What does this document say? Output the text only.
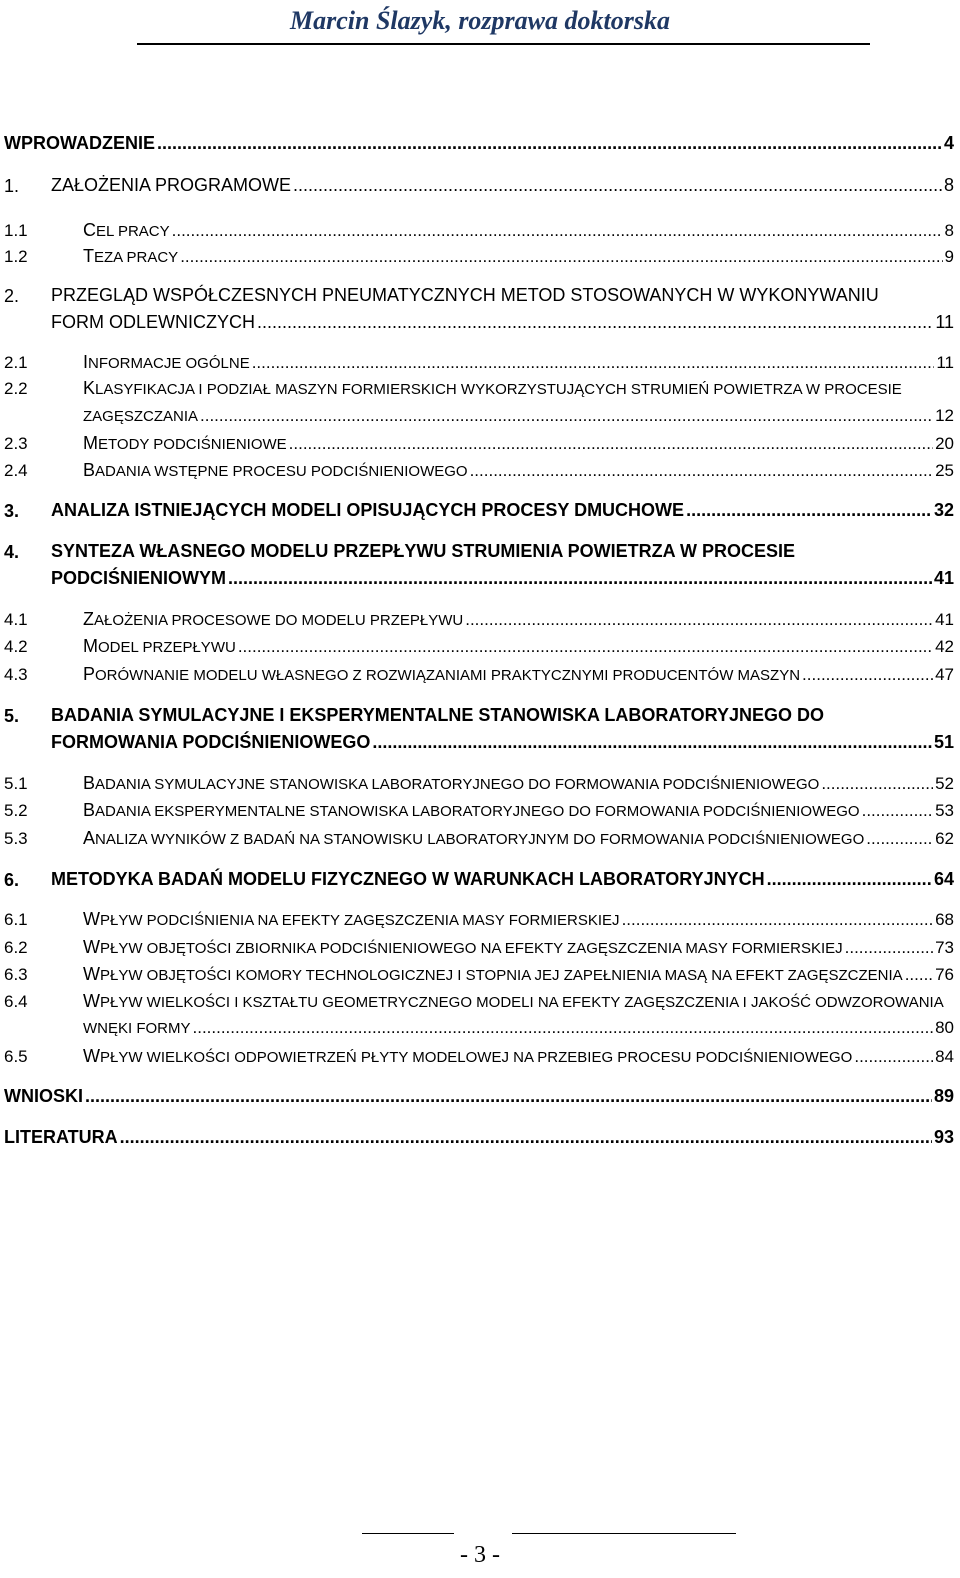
Marcin Ślazyk, rozprawa doktorska
WPROWADZENIE .....	4
1. ZAŁOŻENIA PROGRAMOWE .....	8
1.1	CEL PRACY .....	8
1.2	TEZA PRACY .....	9
2. PRZEGLĄD WSPÓŁCZESNYCH PNEUMATYCZNYCH METOD STOSOWANYCH W WYKONYWANIU
FORM ODLEWNICZYCH .....	11
2.1	INFORMACJE OGÓLNE .....	11
2.2	KLASYFIKACJA I PODZIAŁ MASZYN FORMIERSKICH WYKORZYSTUJĄCYCH STRUMIEŃ POWIETRZA W PROCESIE
ZAGĘSZCZANIA .....	12
2.3	METODY PODCIŚNIENIOWE .....	20
2.4	BADANIA WSTĘPNE PROCESU PODCIŚNIENIOWEGO .....	25
3. ANALIZA ISTNIEJĄCYCH MODELI OPISUJĄCYCH PROCESY DMUCHOWE .....	32
4. SYNTEZA WŁASNEGO MODELU PRZEPŁYWU STRUMIENIA POWIETRZA W PROCESIE
PODCIŚNIENIOWYM .....	41
4.1	ZAŁOŻENIA PROCESOWE DO MODELU PRZEPŁYWU .....	41
4.2	MODEL PRZEPŁYWU .....	42
4.3	PORÓWNANIE MODELU WŁASNEGO Z ROZWIĄZANIAMI PRAKTYCZNYMI PRODUCENTÓW MASZYN .....	47
5. BADANIA SYMULACYJNE I EKSPERYMENTALNE STANOWISKA LABORATORYJNEGO DO
FORMOWANIA PODCIŚNIENIOWEGO .....	51
5.1	BADANIA SYMULACYJNE STANOWISKA LABORATORYJNEGO DO FORMOWANIA PODCIŚNIENIOWEGO .....	52
5.2	BADANIA EKSPERYMENTALNE STANOWISKA LABORATORYJNEGO DO FORMOWANIA PODCIŚNIENIOWEGO .....	53
5.3	ANALIZA WYNIKÓW Z BADAŃ NA STANOWISKU LABORATORYJNYM DO FORMOWANIA PODCIŚNIENIOWEGO .....	62
6. METODYKA BADAŃ MODELU FIZYCZNEGO W WARUNKACH LABORATORYJNYCH .....	64
6.1	WPŁYW PODCIŚNIENIA NA EFEKTY ZAGĘSZCZENIA MASY FORMIERSKIEJ .....	68
6.2	WPŁYW OBJĘTOŚCI ZBIORNIKA PODCIŚNIENIOWEGO NA EFEKTY ZAGĘSZCZENIA MASY FORMIERSKIEJ .....	73
6.3	WPŁYW OBJĘTOŚCI KOMORY TECHNOLOGICZNEJ I STOPNIA JEJ ZAPEŁNIENIA MASĄ NA EFEKT ZAGĘSZCZENIA ..... 76
6.4	WPŁYW WIELKOŚCI I KSZTAŁTU GEOMETRYCZNEGO MODELI NA EFEKTY ZAGĘSZCZENIA I JAKOŚĆ ODWZOROWANIA
WNĘKI FORMY .....	80
6.5	WPŁYW WIELKOŚCI ODPOWIETRZEŃ PŁYTY MODELOWEJ NA PRZEBIEG PROCESU PODCIŚNIENIOWEGO .....	84
WNIOSKI .....	89
LITERATURA .....	93
- 3 -
